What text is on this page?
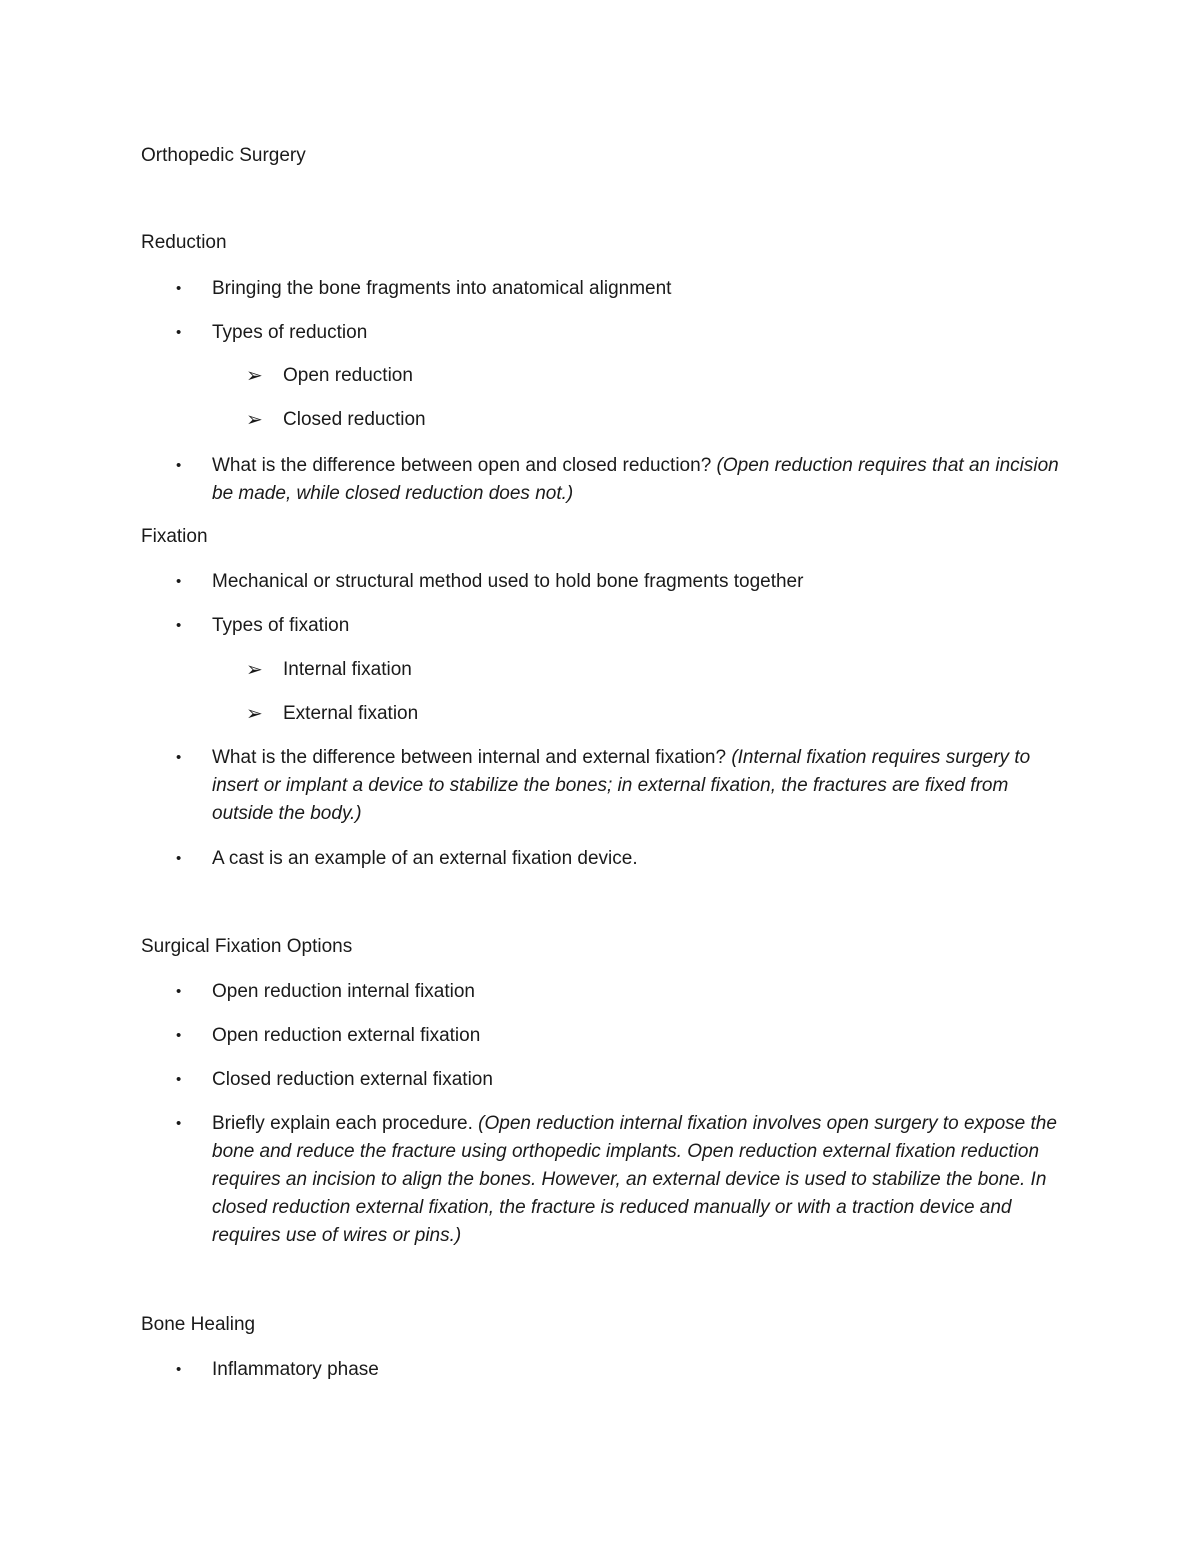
Orthopedic Surgery
Reduction
• Bringing the bone fragments into anatomical alignment
• Types of reduction
➢ Open reduction
➢ Closed reduction
• What is the difference between open and closed reduction? (Open reduction requires that an incision be made, while closed reduction does not.)
Fixation
• Mechanical or structural method used to hold bone fragments together
• Types of fixation
➢ Internal fixation
➢ External fixation
• What is the difference between internal and external fixation? (Internal fixation requires surgery to insert or implant a device to stabilize the bones; in external fixation, the fractures are fixed from outside the body.)
• A cast is an example of an external fixation device.
Surgical Fixation Options
• Open reduction internal fixation
• Open reduction external fixation
• Closed reduction external fixation
• Briefly explain each procedure. (Open reduction internal fixation involves open surgery to expose the bone and reduce the fracture using orthopedic implants. Open reduction external fixation reduction requires an incision to align the bones. However, an external device is used to stabilize the bone. In closed reduction external fixation, the fracture is reduced manually or with a traction device and requires use of wires or pins.)
Bone Healing
• Inflammatory phase
